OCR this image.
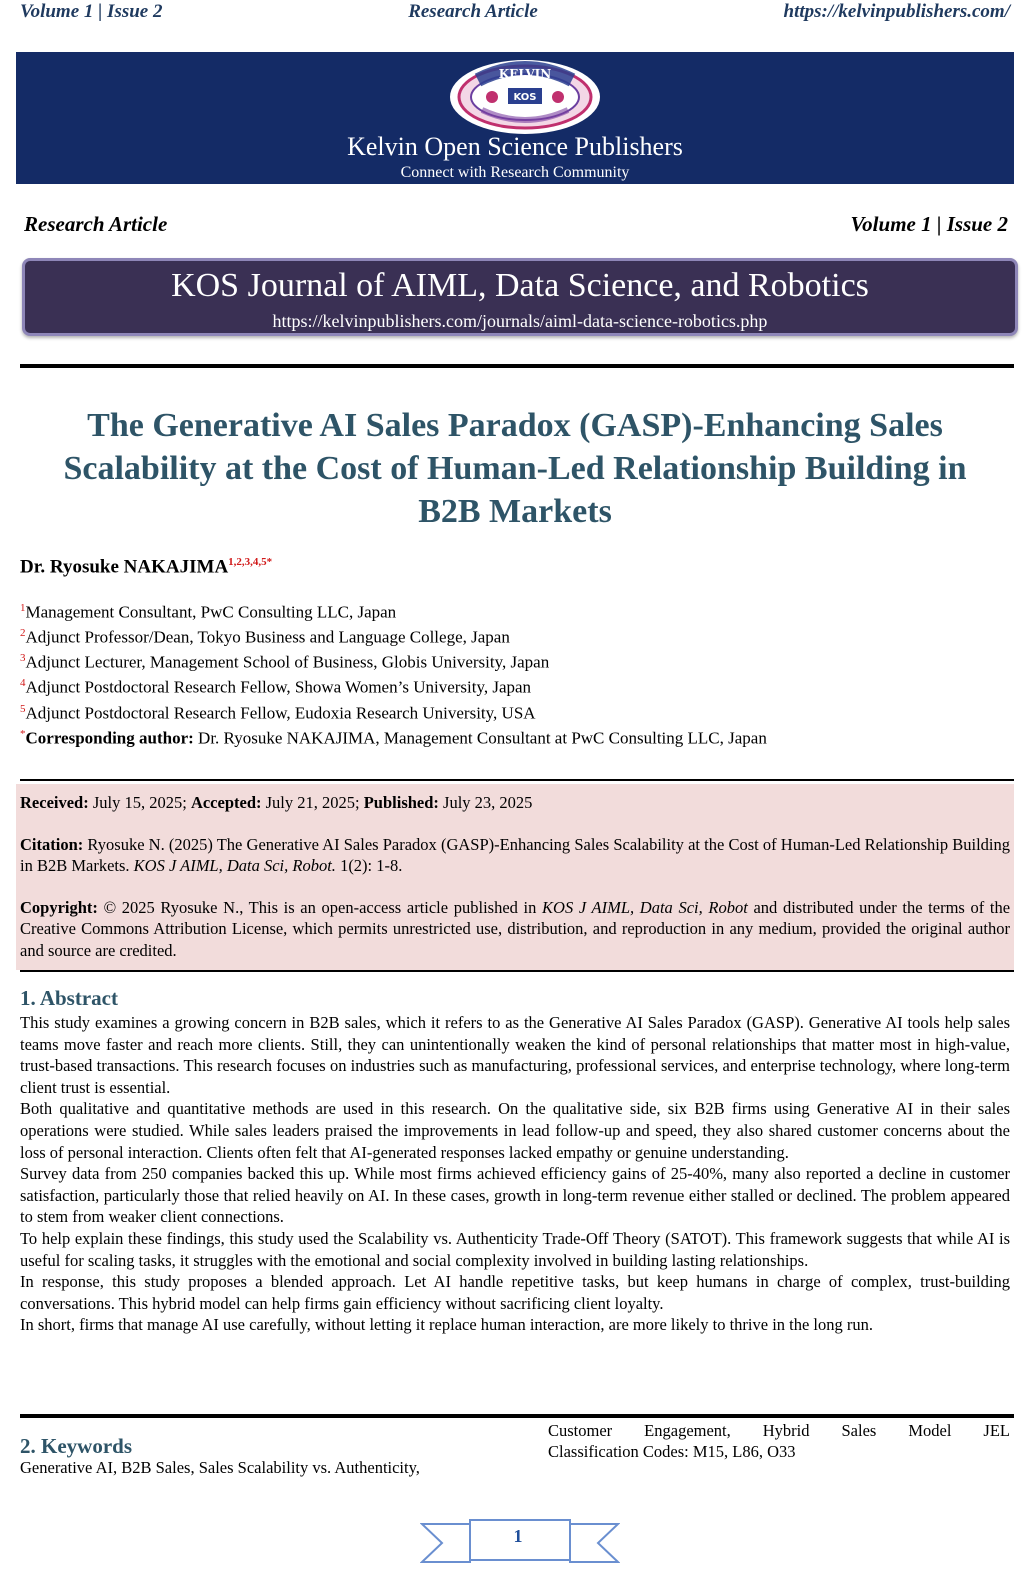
Volume 1 | Issue 2	Research Article	https://kelvinpublishers.com/
KELVIN
KOS
Kelvin Open Science Publishers
Connect with Research Community
Research Article	Volume 1 | Issue 2
KOS Journal of AIML, Data Science, and Robotics
https://kelvinpublishers.com/journals/aiml-data-science-robotics.php
The Generative AI Sales Paradox (GASP)-Enhancing Sales
Scalability at the Cost of Human-Led Relationship Building in
B2B Markets
Dr. Ryosuke $NAKAJIMA^{1,2,3,4,5*}$
$^1$Management Consultant, PwC Consulting LLC, Japan
$^2$Adjunct Professor/Dean, Tokyo Business and Language College, Japan
$^3$Adjunct Lecturer, Management School of Business, Globis University, Japan
$^4$Adjunct Postdoctoral Research Fellow, Showa Women’s University, Japan
$^5$Adjunct Postdoctoral Research Fellow, Eudoxia Research University, USA
*Corresponding author: Dr. Ryosuke NAKAJIMA, Management Consultant at PwC Consulting LLC, Japan

Received: July 15, 2025; Accepted: July 21, 2025; Published: July 23, 2025

Citation: Ryosuke N. (2025) The Generative AI Sales Paradox (GASP)-Enhancing Sales Scalability at the Cost of Human-Led Relationship Building in B2B Markets. KOS J AIML, Data Sci, Robot. 1(2): 1-8.

Copyright: © 2025 Ryosuke N., This is an open-access article published in KOS J AIML, Data Sci, Robot and distributed under the terms of the Creative Commons Attribution License, which permits unrestricted use, distribution, and reproduction in any medium, provided the original author and source are credited.

1. Abstract

This study examines a growing concern in B2B sales, which it refers to as the Generative AI Sales Paradox (GASP). Generative AI tools help sales teams move faster and reach more clients. Still, they can unintentionally weaken the kind of personal relationships that matter most in high-value, trust-based transactions. This research focuses on industries such as manufacturing, professional services, and enterprise technology, where long-term client trust is essential.

Both qualitative and quantitative methods are used in this research. On the qualitative side, six B2B firms using Generative AI in their sales operations were studied. While sales leaders praised the improvements in lead follow-up and speed, they also shared customer concerns about the loss of personal interaction. Clients often felt that AI-generated responses lacked empathy or genuine understanding.

Survey data from 250 companies backed this up. While most firms achieved efficiency gains of 25-40%, many also reported a decline in customer satisfaction, particularly those that relied heavily on AI. In these cases, growth in long-term revenue either stalled or declined. The problem appeared to stem from weaker client connections.

To help explain these findings, this study used the Scalability vs. Authenticity Trade-Off Theory (SATOT). This framework suggests that while AI is useful for scaling tasks, it struggles with the emotional and social complexity involved in building lasting relationships.

In response, this study proposes a blended approach. Let AI handle repetitive tasks, but keep humans in charge of complex, trust-building conversations. This hybrid model can help firms gain efficiency without sacrificing client loyalty.

In short, firms that manage AI use carefully, without letting it replace human interaction, are more likely to thrive in the long run.

2. Keywords
Generative AI, B2B Sales, Sales Scalability vs. Authenticity,
Customer Engagement, Hybrid Sales Model JEL
Classification Codes: M15, L86, O33
1
